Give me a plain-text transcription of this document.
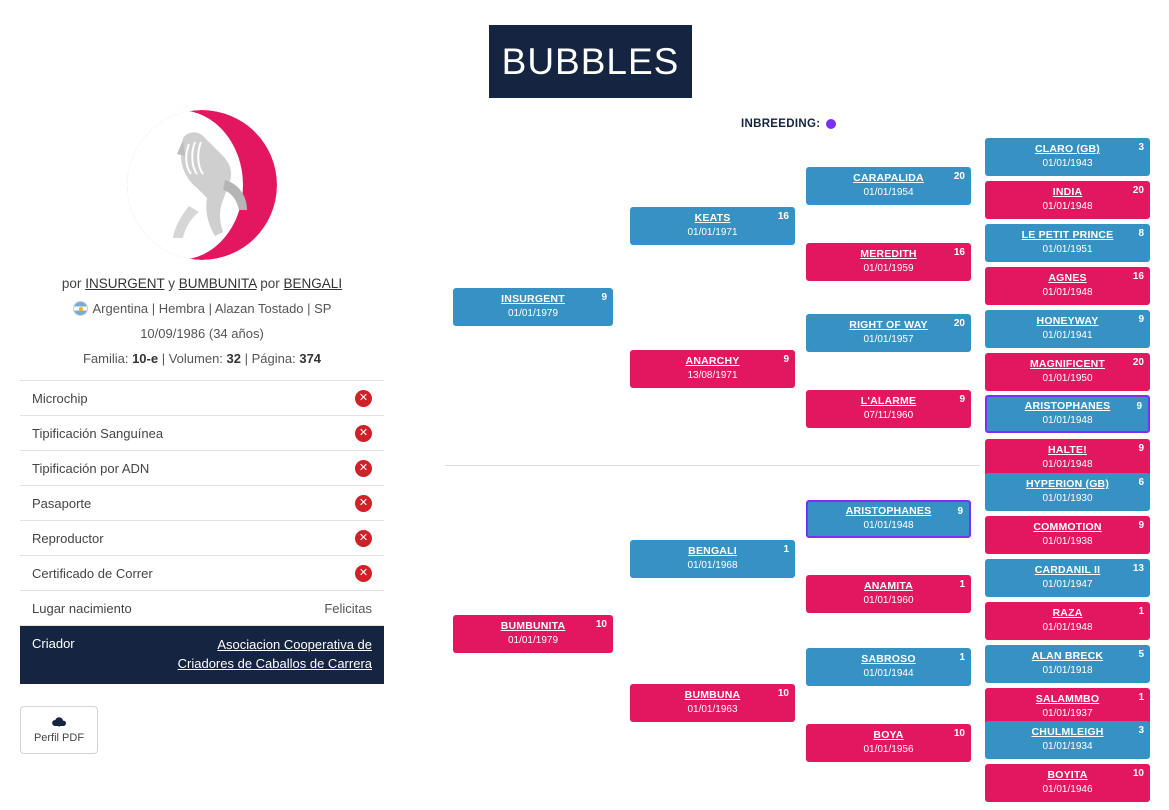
BUBBLES
por INSURGENT y BUMBUNITA por BENGALI
Argentina | Hembra | Alazan Tostado | SP
10/09/1986 (34 años)
Familia: 10-e | Volumen: 32 | Página: 374
Microchip	✕
Tipificación Sanguínea	✕
Tipificación por ADN	✕
Pasaporte	✕
Reproductor	✕
Certificado de Correr	✕
Lugar nacimiento	Felicitas
Criador	Asociacion Cooperativa de Criadores de Caballos de Carrera
Perfil PDF
INBREEDING:
INSURGENT
01/01/1979
9
BUMBUNITA
01/01/1979
10
KEATS
01/01/1971
16
ANARCHY
13/08/1971
9
BENGALI
01/01/1968
1
BUMBUNA
01/01/1963
10
CARAPALIDA
01/01/1954
20
MEREDITH
01/01/1959
16
RIGHT OF WAY
01/01/1957
20
L'ALARME
07/11/1960
9
ARISTOPHANES
01/01/1948
9
ANAMITA
01/01/1960
1
SABROSO
01/01/1944
1
BOYA
01/01/1956
10
CLARO (GB)
01/01/1943
3
INDIA
01/01/1948
20
LE PETIT PRINCE
01/01/1951
8
AGNES
01/01/1948
16
HONEYWAY
01/01/1941
9
MAGNIFICENT
01/01/1950
20
ARISTOPHANES
01/01/1948
9
HALTE!
01/01/1948
9
HYPERION (GB)
01/01/1930
6
COMMOTION
01/01/1938
9
CARDANIL II
01/01/1947
13
RAZA
01/01/1948
1
ALAN BRECK
01/01/1918
5
SALAMMBO
01/01/1937
1
CHULMLEIGH
01/01/1934
3
BOYITA
01/01/1946
10
